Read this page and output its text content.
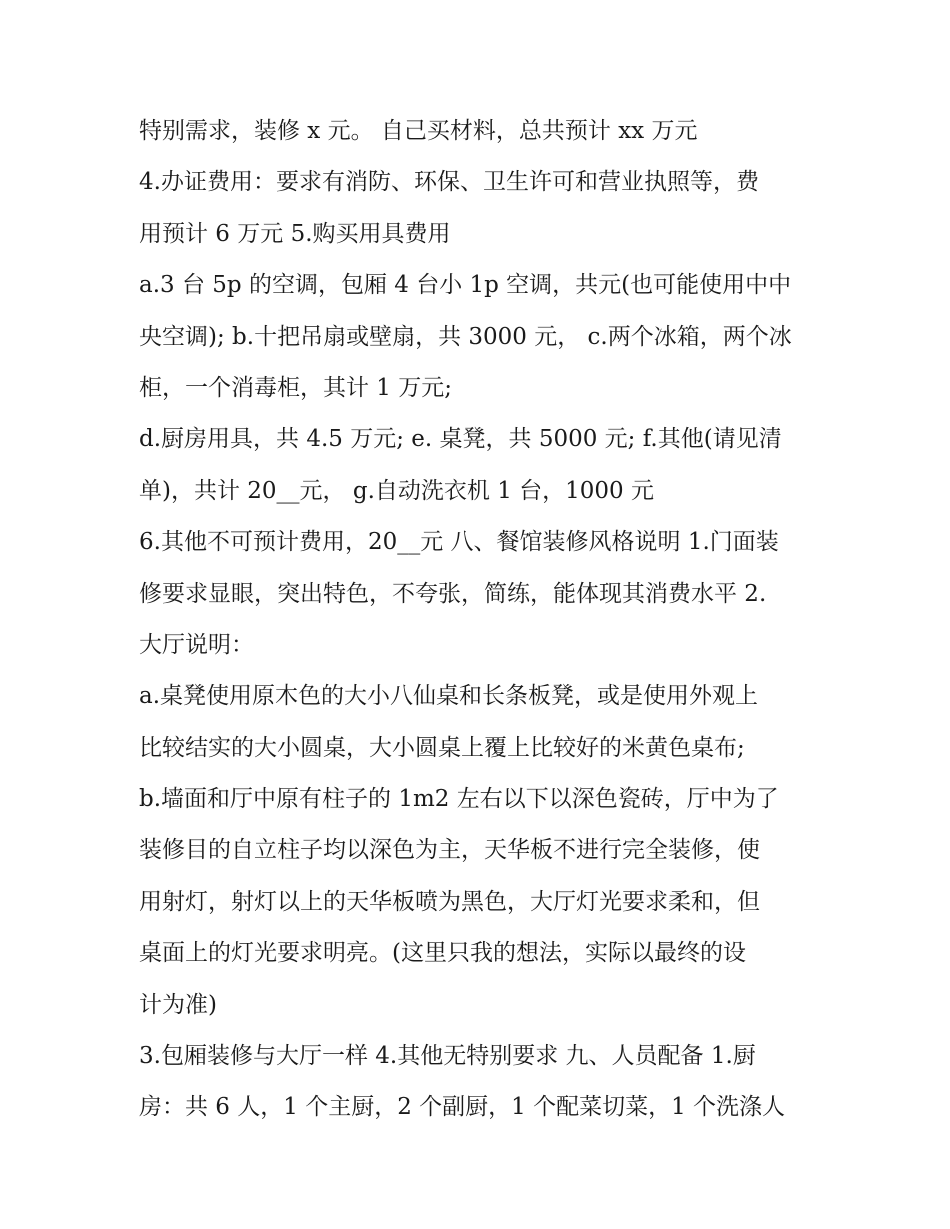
特别需求，装修 x 元。 自己买材料，总共预计 xx 万元
4.办证费用：要求有消防、环保、卫生许可和营业执照等，费
用预计 6 万元 5.购买用具费用
a.3 台 5p 的空调，包厢 4 台小 1p 空调，共元(也可能使用中中
央空调); b.十把吊扇或壁扇，共 3000 元， c.两个冰箱，两个冰
柜，一个消毒柜，其计 1 万元;
d.厨房用具，共 4.5 万元; e. 桌凳，共 5000 元; f.其他(请见清
单)，共计 20__元， g.自动洗衣机 1 台，1000 元
6.其他不可预计费用，20__元 八、餐馆装修风格说明 1.门面装
修要求显眼，突出特色，不夸张，简练，能体现其消费水平 2.
大厅说明：
a.桌凳使用原木色的大小八仙桌和长条板凳，或是使用外观上
比较结实的大小圆桌，大小圆桌上覆上比较好的米黄色桌布;
b.墙面和厅中原有柱子的 1m2 左右以下以深色瓷砖，厅中为了
装修目的自立柱子均以深色为主，天华板不进行完全装修，使
用射灯，射灯以上的天华板喷为黑色，大厅灯光要求柔和，但
桌面上的灯光要求明亮。(这里只我的想法，实际以最终的设
计为准)
3.包厢装修与大厅一样 4.其他无特别要求 九、人员配备 1.厨
房：共 6 人，1 个主厨，2 个副厨，1 个配菜切菜，1 个洗涤人
